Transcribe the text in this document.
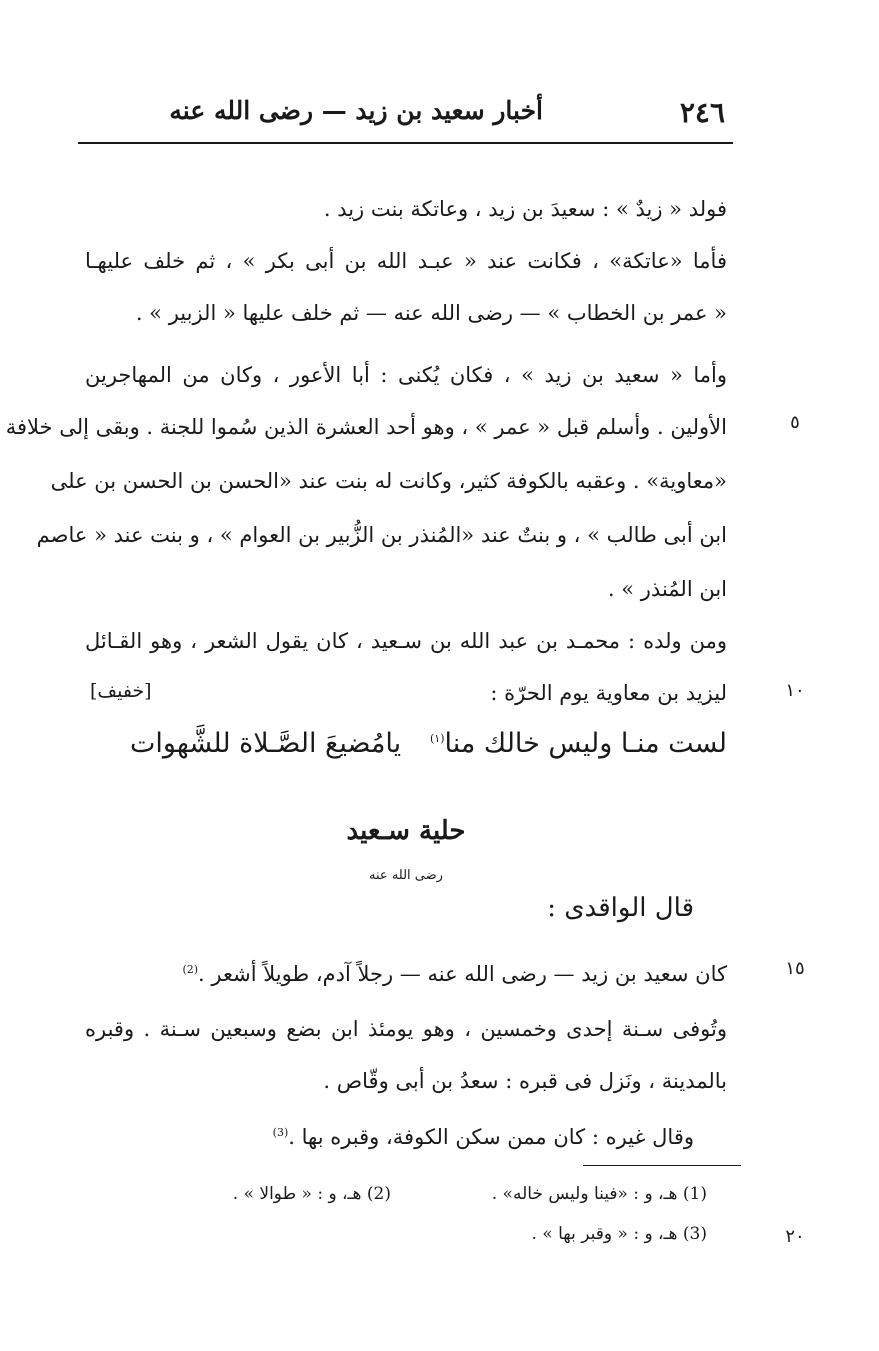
٢٤٦
أخبار سعيد بن زيد — رضى الله عنه
فولد « زيدٌ » : سعيدَ بن زيد ، وعاتكة بنت زيد .
فأما «عاتكة» ، فكانت عند « عبـد الله بن أبى بكر » ، ثم خلف عليهـا
« عمر بن الخطاب » — رضى الله عنه — ثم خلف عليها « الزبير » .
وأما « سعيد بن زيد » ، فكان يُكنى : أبا الأعور ، وكان من المهاجرين
الأولين . وأسلم قبل « عمر » ، وهو أحد العشرة الذين سُموا للجنة . وبقى إلى خلافة
«معاوية» . وعقبه بالكوفة كثير، وكانت له بنت عند «الحسن بن الحسن بن على
ابن أبى طالب » ، و بنتٌ عند «المُنذر بن الزُّبير بن العوام » ، و بنت عند « عاصم
ابن المُنذر » .
ومن ولده : محمـد بن عبد الله بن سـعيد ، كان يقول الشعر ، وهو القـائل
ليزيد بن معاوية يوم الحرّة :
[خفيف]
لست منـا وليس خالك منا$^{(١)}$
يامُضيعَ الصَّـلاة للشَّهوات
حلية سـعيد
رضى الله عنه
قال الواقدى :
كان سعيد بن زيد — رضى الله عنه — رجلاً آدم، طويلاً أشعر .$^{(2)}$
وتُوفى سـنة إحدى وخمسين ، وهو يومئذ ابن بضع وسبعين سـنة . وقبره
بالمدينة ، ونَزل فى قبره : سعدُ بن أبى وقّاص .
وقال غيره : كان ممن سكن الكوفة، وقبره بها .$^{(3)}$
٥
١٠
١٥
٢٠
(1) هـ، و : «فينا وليس خاله» .
(2) هـ، و : « طوالا » .
(3) هـ، و : « وقبر بها » .
